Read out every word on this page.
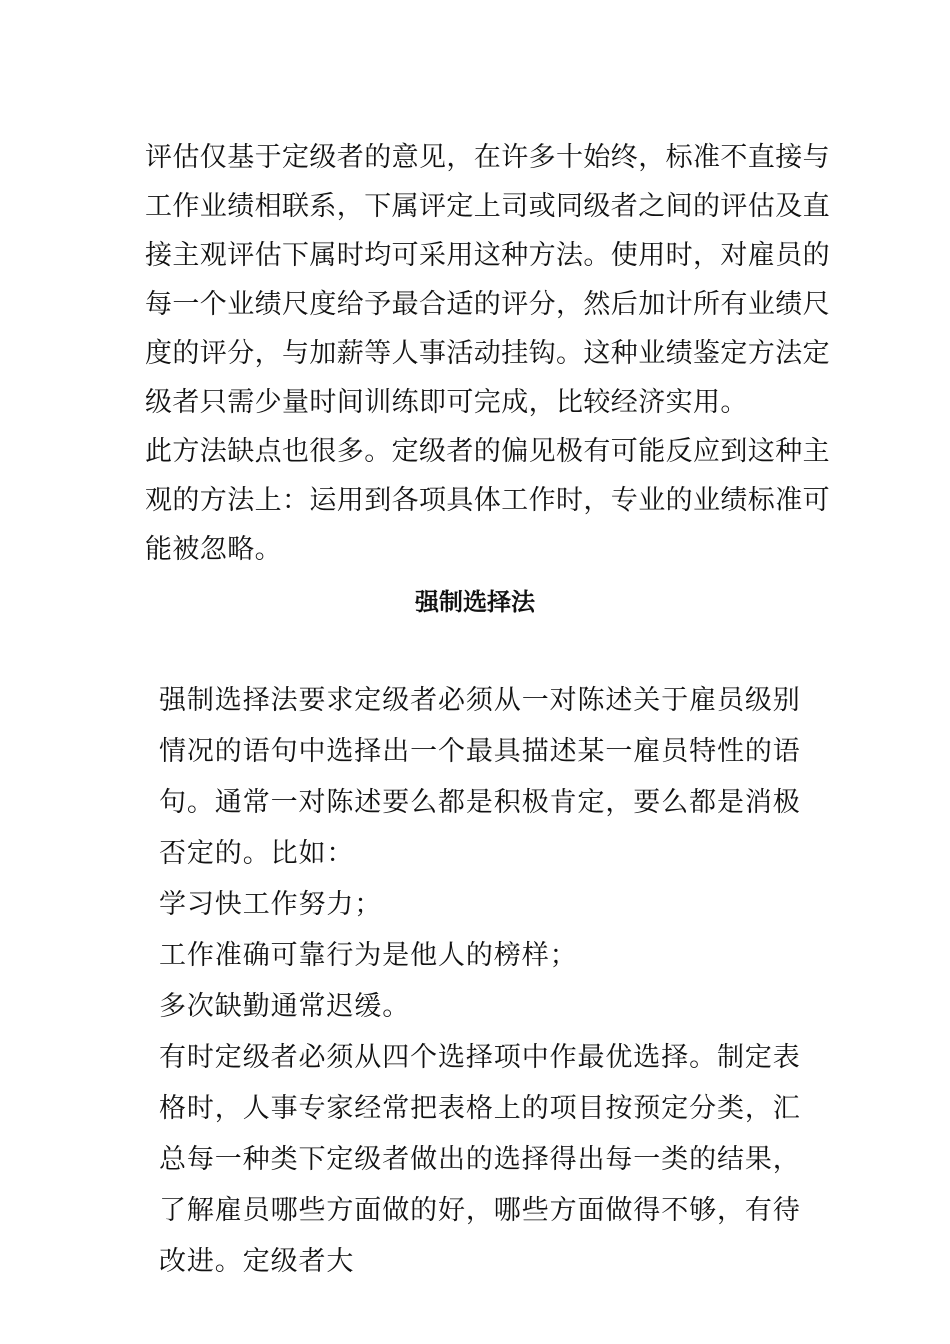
评估仅基于定级者的意见，在许多十始终，标准不直接与工作业绩相联系，下属评定上司或同级者之间的评估及直接主观评估下属时均可采用这种方法。使用时，对雇员的每一个业绩尺度给予最合适的评分，然后加计所有业绩尺度的评分，与加薪等人事活动挂钩。这种业绩鉴定方法定级者只需少量时间训练即可完成，比较经济实用。

此方法缺点也很多。定级者的偏见极有可能反应到这种主观的方法上：运用到各项具体工作时，专业的业绩标准可能被忽略。

强制选择法

强制选择法要求定级者必须从一对陈述关于雇员级别情况的语句中选择出一个最具描述某一雇员特性的语句。通常一对陈述要么都是积极肯定，要么都是消极否定的。比如：

学习快工作努力；

工作准确可靠行为是他人的榜样；

多次缺勤通常迟缓。

有时定级者必须从四个选择项中作最优选择。制定表格时，人事专家经常把表格上的项目按预定分类，汇总每一种类下定级者做出的选择得出每一类的结果，了解雇员哪些方面做的好，哪些方面做得不够，有待改进。定级者大
